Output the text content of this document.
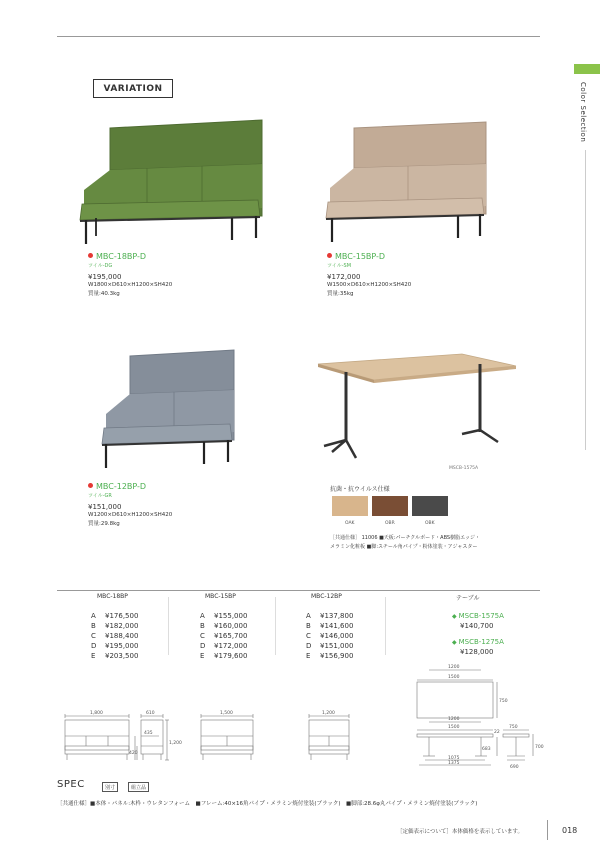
Color Selection
VARIATION
MBC-18BP-D
ツイル-DG
¥195,000
W1800×D610×H1200×SH420
質量:40.3kg
MBC-15BP-D
ツイル-SM
¥172,000
W1500×D610×H1200×SH420
質量:35kg
MBC-12BP-D
ツイル-GR
¥151,000
W1200×D610×H1200×SH420
質量:29.8kg
MSCB-1575A
抗菌・抗ウイルス仕様
OAK	OBR	OBK
［共通仕様］ 11006 ■天板:パーチクルボード・ABS樹脂エッジ・
メラミン化粧板 ■脚:スチール角パイプ・粉体塗装・アジャスター
MBC-18BP	MBC-15BP	MBC-12BP	テーブル
A	¥176,500
B	¥182,000
C	¥188,400
D	¥195,000
E	¥203,500
A	¥155,000
B	¥160,000
C	¥165,700
D	¥172,000
E	¥179,600
A	¥137,800
B	¥141,600
C	¥146,000
D	¥151,000
E	¥156,900
◆ MSCB-1575A
¥140,700
◆ MSCB-1275A
¥128,000
1,800	610
435
420
1,200
1,500	1,200
1200
1500
750
1200
1500
22
1075
1375
683
750
690
700
SPEC	別寸	組立品
［共通仕様］■本体・パネル:木枠・ウレタンフォーム　■フレーム:40×16角パイプ・メラミン焼付塗装(ブラック)　■脚部:28.6φ丸パイプ・メラミン焼付塗装(ブラック)
［定価表示について］本体価格を表示しています。	018
